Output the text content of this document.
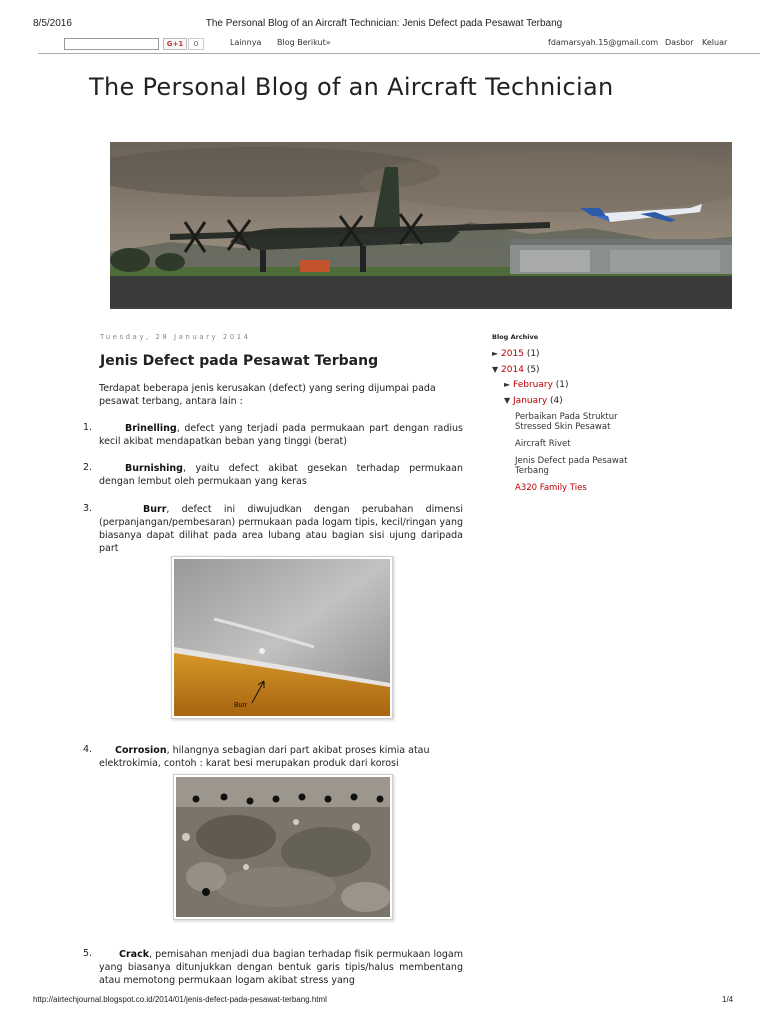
8/5/2016	The Personal Blog of an Aircraft Technician: Jenis Defect pada Pesawat Terbang
G+1	0	Lainnya Blog Berikut»	fdamarsyah.15@gmail.com Dasbor Keluar
The Personal Blog of an Aircraft Technician
Tuesday, 28 January 2014
Jenis Defect pada Pesawat Terbang
Terdapat beberapa jenis kerusakan (defect) yang sering dijumpai pada pesawat terbang, antara lain :
1.	Brinelling, defect yang terjadi pada permukaan part dengan radius kecil akibat mendapatkan beban yang tinggi (berat)
2.	Burnishing, yaitu defect akibat gesekan terhadap permukaan dengan lembut oleh permukaan yang keras
3.	Burr, defect ini diwujudkan dengan perubahan dimensi (perpanjangan/pembesaran) permukaan pada logam tipis, kecil/ringan yang biasanya dapat dilihat pada area lubang atau bagian sisi ujung daripada part
Burr
4.	Corrosion, hilangnya sebagian dari part akibat proses kimia atau elektrokimia, contoh : karat besi merupakan produk dari korosi
5.	Crack, pemisahan menjadi dua bagian terhadap fisik permukaan logam yang biasanya ditunjukkan dengan bentuk garis tipis/halus membentang atau memotong permukaan logam akibat stress yang
Blog Archive
► 2015 (1)
▼ 2014 (5)
► February (1)
▼ January (4)
Perbaikan Pada Struktur Stressed Skin Pesawat
Aircraft Rivet
Jenis Defect pada Pesawat Terbang
A320 Family Ties
http://airtechjournal.blogspot.co.id/2014/01/jenis-defect-pada-pesawat-terbang.html	1/4
